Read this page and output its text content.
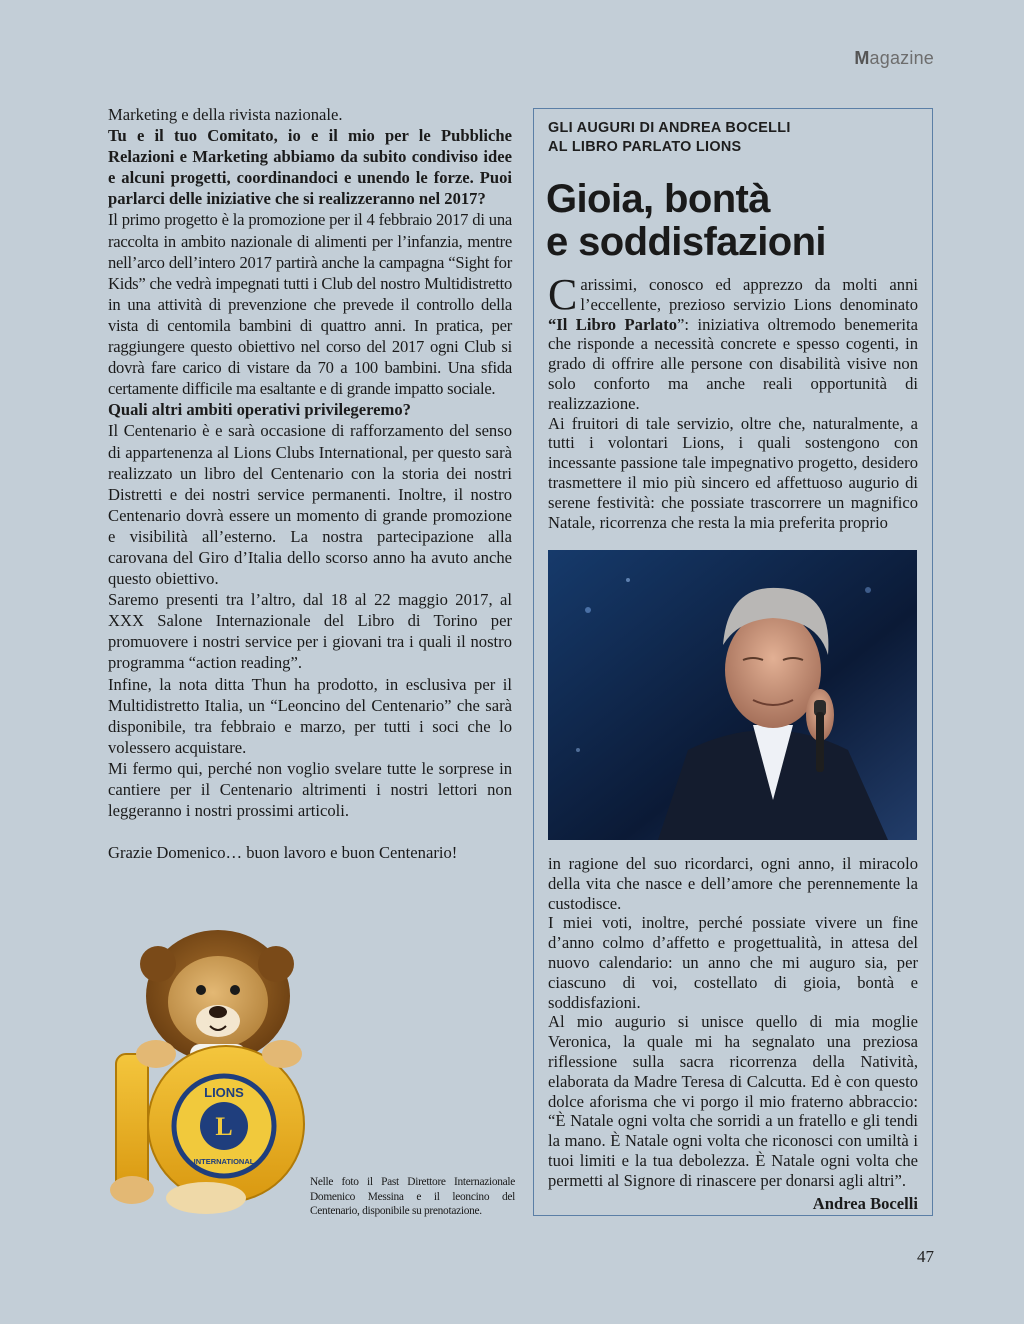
Magazine

Marketing e della rivista nazionale.

Tu e il tuo Comitato, io e il mio per le Pubbliche Relazioni e Marketing abbiamo da subito condiviso idee e alcuni progetti, coordinandoci e unendo le forze. Puoi parlarci delle iniziative che si realizzeranno nel 2017?

Il primo progetto è la promozione per il 4 febbraio 2017 di una raccolta in ambito nazionale di alimenti per l’infanzia, mentre nell’arco dell’intero 2017 partirà anche la campagna “Sight for Kids” che vedrà impegnati tutti i Club del nostro Multidistretto in una attività di prevenzione che prevede il controllo della vista di centomila bambini di quattro anni. In pratica, per raggiungere questo obiettivo nel corso del 2017 ogni Club si dovrà fare carico di vistare da 70 a 100 bambini. Una sfida certamente difficile ma esaltante e di grande impatto sociale.

Quali altri ambiti operativi privilegeremo?

Il Centenario è e sarà occasione di rafforzamento del senso di appartenenza al Lions Clubs International, per questo sarà realizzato un libro del Centenario con la storia dei nostri Distretti e dei nostri service permanenti. Inoltre, il nostro Centenario dovrà essere un momento di grande promozione e visibilità all’esterno. La nostra partecipazione alla carovana del Giro d’Italia dello scorso anno ha avuto anche questo obiettivo.

Saremo presenti tra l’altro, dal 18 al 22 maggio 2017, al XXX Salone Internazionale del Libro di Torino per promuovere i nostri service per i giovani tra i quali il nostro programma “action reading”.

Infine, la nota ditta Thun ha prodotto, in esclusiva per il Multidistretto Italia, un “Leoncino del Centenario” che sarà disponibile, tra febbraio e marzo, per tutti i soci che lo volessero acquistare.

Mi fermo qui, perché non voglio svelare tutte le sorprese in cantiere per il Centenario altrimenti i nostri lettori non leggeranno i nostri prossimi articoli.

Grazie Domenico… buon lavoro e buon Centenario!

LIONS
L
INTERNATIONAL
Nelle foto il Past Direttore Internazionale Domenico Messina e il leoncino del Centenario, disponibile su prenotazione.
GLI AUGURI DI ANDREA BOCELLI
AL LIBRO PARLATO LIONS
Gioia, bontà
e soddisfazioni

Carissimi, conosco ed apprezzo da molti anni l’eccellente, prezioso servizio Lions denominato “Il Libro Parlato”: iniziativa oltremodo benemerita che risponde a necessità concrete e spesso cogenti, in grado di offrire alle persone con disabilità visive non solo conforto ma anche reali opportunità di realizzazione.

Ai fruitori di tale servizio, oltre che, naturalmente, a tutti i volontari Lions, i quali sostengono con incessante passione tale impegnativo progetto, desidero trasmettere il mio più sincero ed affettuoso augurio di serene festività: che possiate trascorrere un magnifico Natale, ricorrenza che resta la mia preferita proprio

in ragione del suo ricordarci, ogni anno, il miracolo della vita che nasce e dell’amore che perennemente la custodisce.

I miei voti, inoltre, perché possiate vivere un fine d’anno colmo d’affetto e progettualità, in attesa del nuovo calendario: un anno che mi auguro sia, per ciascuno di voi, costellato di gioia, bontà e soddisfazioni.

Al mio augurio si unisce quello di mia moglie Veronica, la quale mi ha segnalato una preziosa riflessione sulla sacra ricorrenza della Natività, elaborata da Madre Teresa di Calcutta. Ed è con questo dolce aforisma che vi porgo il mio fraterno abbraccio: “È Natale ogni volta che sorridi a un fratello e gli tendi la mano. È Natale ogni volta che riconosci con umiltà i tuoi limiti e la tua debolezza. È Natale ogni volta che permetti al Signore di rinascere per donarsi agli altri”.

Andrea Bocelli

47
